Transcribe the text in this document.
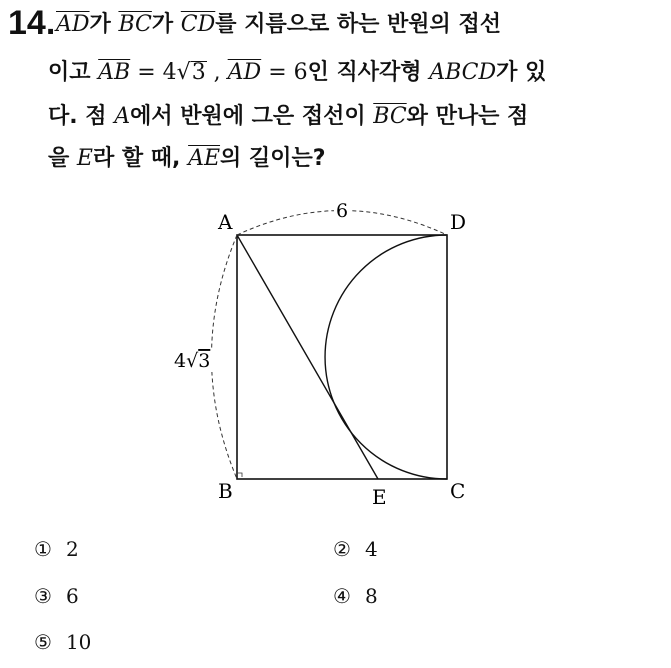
14. $\overline{AD}$가 $\overline{BC}$가 $\overline{CD}$를 지름으로 하는 반원의 접선
이고 $\overline{AB} = 4√3$ , $\overline{AD} = 6$인 직사각형 ABCD가 있
다. 점 A에서 반원에 그은 접선이 $\overline{BC}$와 만나는 점
을 E라 할 때, $\overline{AE}$의 길이는?
6
4√3
A	D
B	E	C
① 2	② 4
③ 6	④ 8
⑤ 10
